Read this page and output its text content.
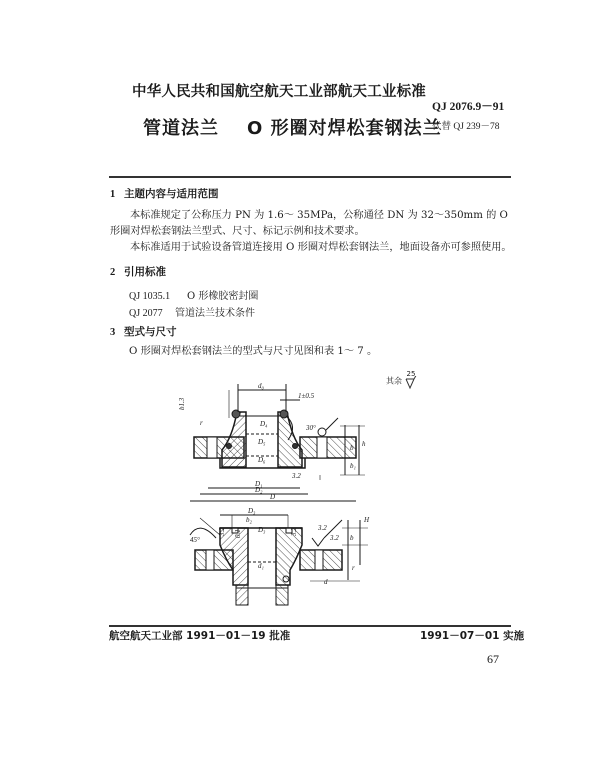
中华人民共和国航空航天工业部航天工业标准
QJ 2076.9－91
代替 QJ 239－78
管道法兰 O 形圈对焊松套钢法兰
1 主题内容与适用范围
本标准规定了公称压力 PN 为 1.6～ 35MPa，公称通径 DN 为 32～350mm 的 O 形圈对焊松套钢法兰型式、尺寸、标记示例和技术要求。
本标准适用于试验设备管道连接用 O 形圈对焊松套钢法兰，地面设备亦可参照使用。
2 引用标准
QJ 1035.1 O 形橡胶密封圈
QJ 2077 管道法兰技术条件
3 型式与尺寸
O 形圈对焊松套钢法兰的型式与尺寸见图和表 1～ 7 。
其余
25
d₀
1±0.5
D₄
D₅
D₆
30°
3.2
D₁
D₂
D
b h
b₁
D₃
r
b1.3
D₃
b₂
45°
d₁
d
r
b
H
3.2
3.2
3.2 0.1	3.2
航空航天工业部 1991－01－19 批准	1991－07－01 实施
67
